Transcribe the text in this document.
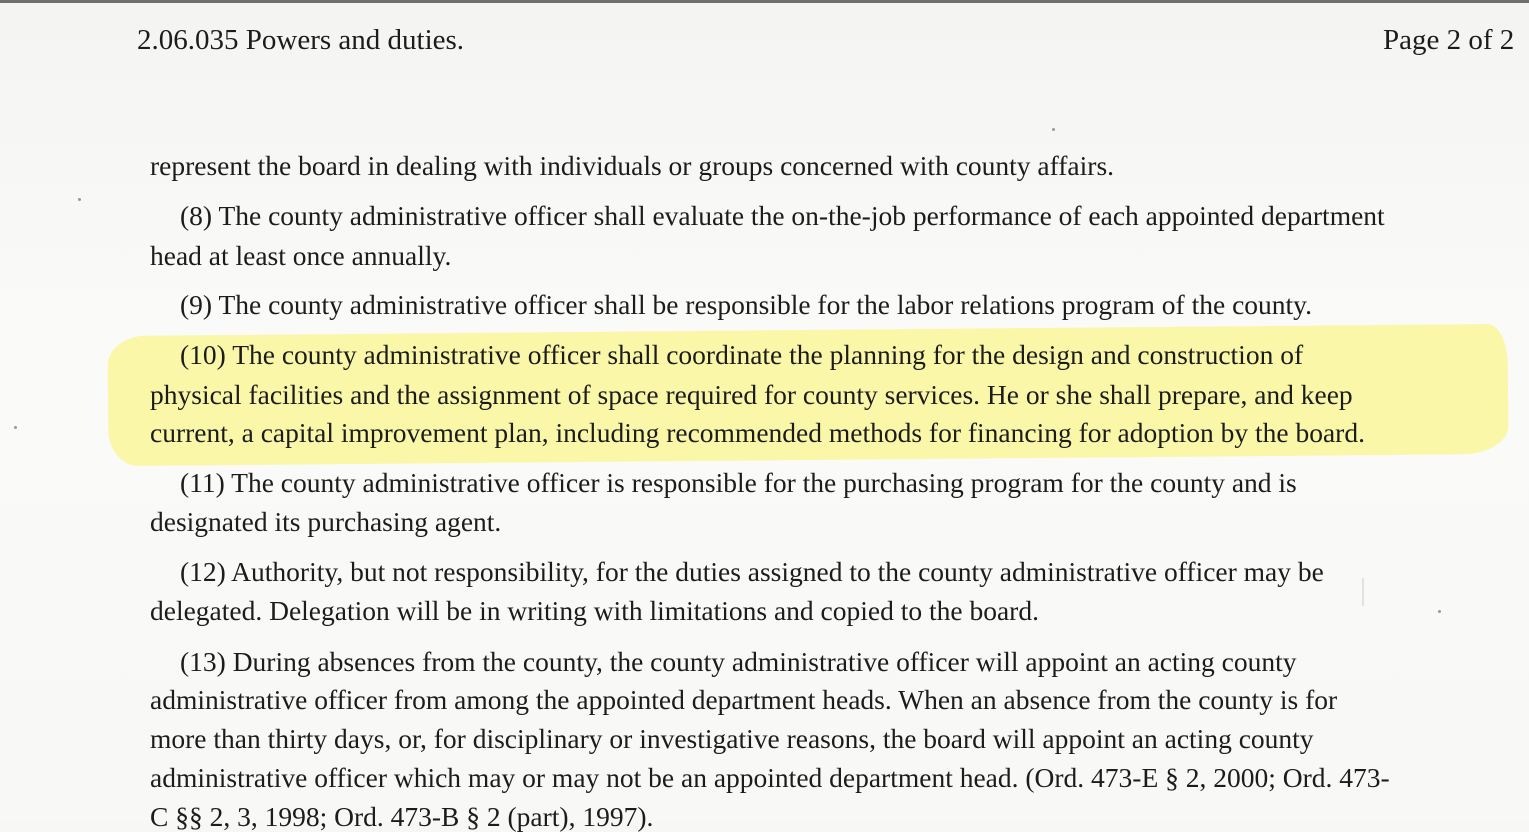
2.06.035 Powers and duties.	Page 2 of 2
represent the board in dealing with individuals or groups concerned with county affairs.
(8) The county administrative officer shall evaluate the on-the-job performance of each appointed department
head at least once annually.
(9) The county administrative officer shall be responsible for the labor relations program of the county.
(10) The county administrative officer shall coordinate the planning for the design and construction of
physical facilities and the assignment of space required for county services. He or she shall prepare, and keep
current, a capital improvement plan, including recommended methods for financing for adoption by the board.
(11) The county administrative officer is responsible for the purchasing program for the county and is
designated its purchasing agent.
(12) Authority, but not responsibility, for the duties assigned to the county administrative officer may be
delegated. Delegation will be in writing with limitations and copied to the board.
(13) During absences from the county, the county administrative officer will appoint an acting county
administrative officer from among the appointed department heads. When an absence from the county is for
more than thirty days, or, for disciplinary or investigative reasons, the board will appoint an acting county
administrative officer which may or may not be an appointed department head. (Ord. 473-E § 2, 2000; Ord. 473-
C §§ 2, 3, 1998; Ord. 473-B § 2 (part), 1997).
